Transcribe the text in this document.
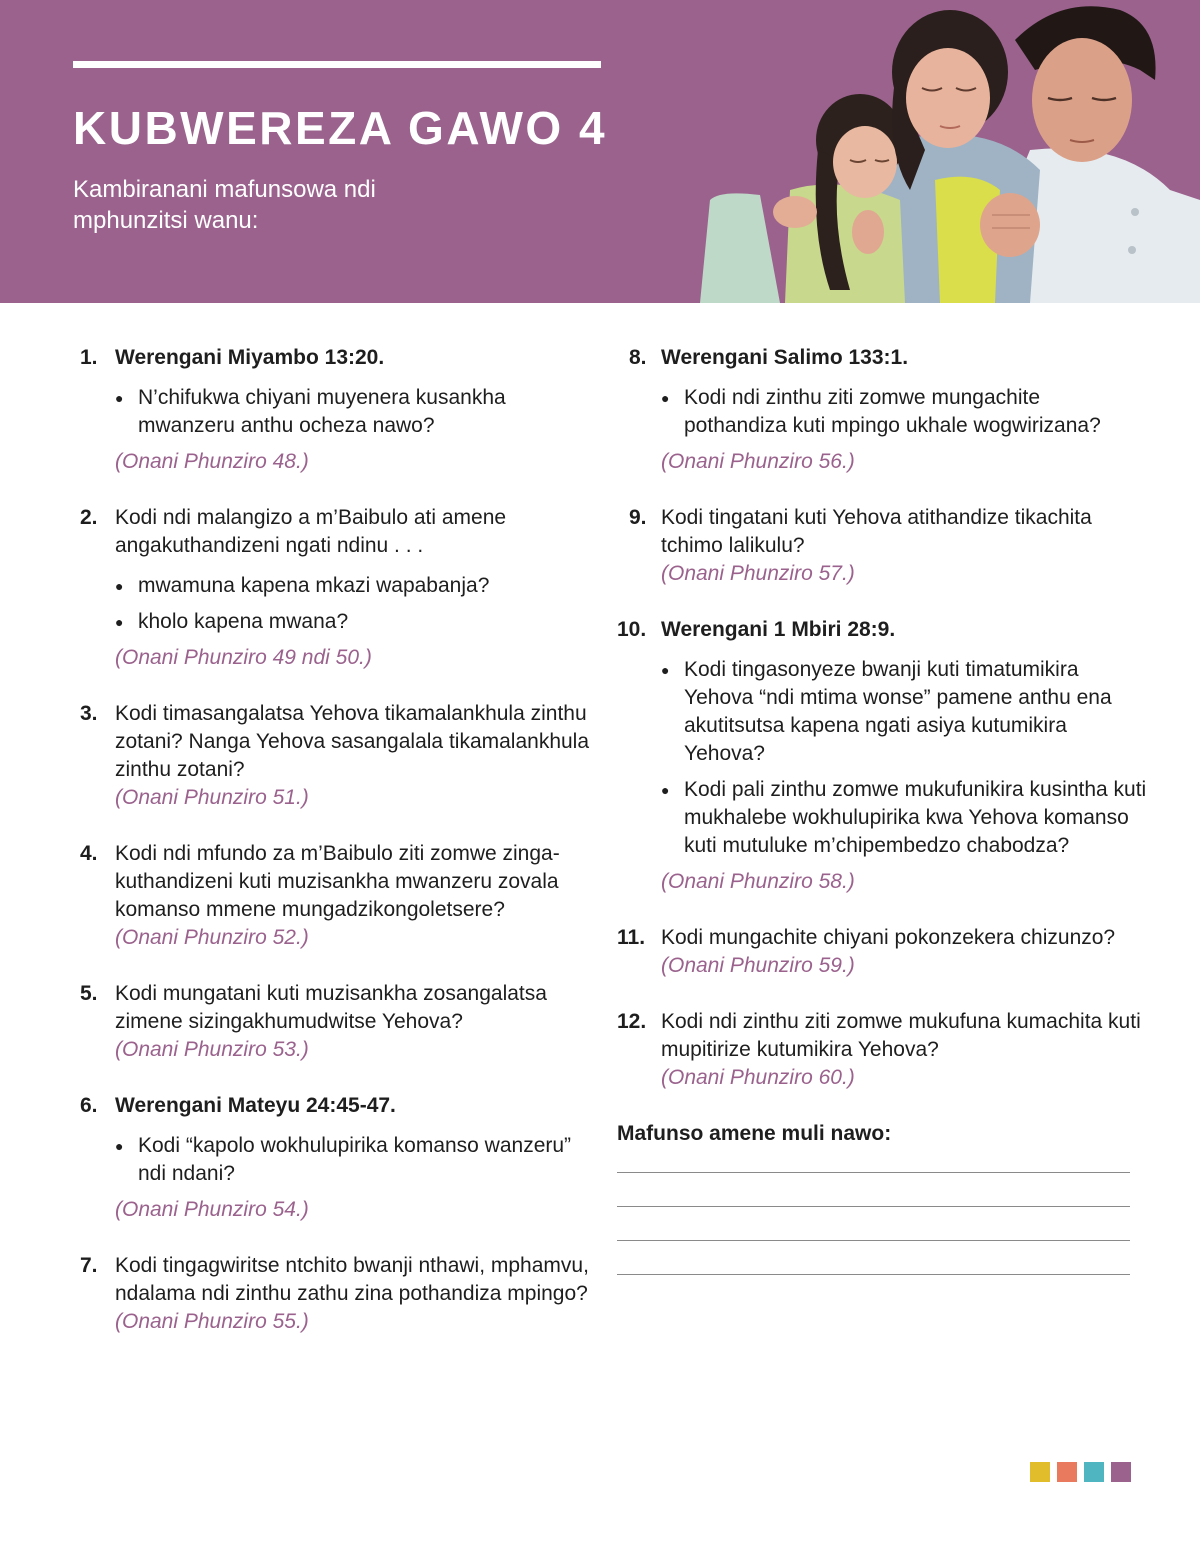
KUBWEREZA GAWO 4
Kambiranani mafunsowa ndi mphunzitsi wanu:
1. Werengani Miyambo 13:20.
● N’chifukwa chiyani muyenera kusankha mwanzeru anthu ocheza nawo?
(Onani Phunziro 48.)
2. Kodi ndi malangizo a m’Baibulo ati amene angakuthandizeni ngati ndinu . . .
● mwamuna kapena mkazi wapabanja?
● kholo kapena mwana?
(Onani Phunziro 49 ndi 50.)
3. Kodi timasangalatsa Yehova tikamalankhula zinthu zotani? Nanga Yehova sasangalala tikamalankhula zinthu zotani?
(Onani Phunziro 51.)
4. Kodi ndi mfundo za m’Baibulo ziti zomwe zingakuthandizeni kuti muzisankha mwanzeru zovala komanso mmene mungadzikongoletsere?
(Onani Phunziro 52.)
5. Kodi mungatani kuti muzisankha zosangalatsa zimene sizingakhumudwitse Yehova?
(Onani Phunziro 53.)
6. Werengani Mateyu 24:45-47.
● Kodi “kapolo wokhulupirika komanso wanzeru” ndi ndani?
(Onani Phunziro 54.)
7. Kodi tingagwiritse ntchito bwanji nthawi, mphamvu, ndalama ndi zinthu zathu zina pothandiza mpingo?
(Onani Phunziro 55.)
8. Werengani Salimo 133:1.
● Kodi ndi zinthu ziti zomwe mungachite pothandiza kuti mpingo ukhale wogwirizana?
(Onani Phunziro 56.)
9. Kodi tingatani kuti Yehova atithandize tikachita tchimo lalikulu?
(Onani Phunziro 57.)
10. Werengani 1 Mbiri 28:9.
● Kodi tingasonyeze bwanji kuti timatumikira Yehova “ndi mtima wonse” pamene anthu ena akutitsutsa kapena ngati asiya kutumikira Yehova?
● Kodi pali zinthu zomwe mukufunikira kusintha kuti mukhalebe wokhulupirika kwa Yehova komanso kuti mutuluke m’chipembedzo chabodza?
(Onani Phunziro 58.)
11. Kodi mungachite chiyani pokonzekera chizunzo?
(Onani Phunziro 59.)
12. Kodi ndi zinthu ziti zomwe mukufuna kumachita kuti mupitirize kutumikira Yehova?
(Onani Phunziro 60.)
Mafunso amene muli nawo:
